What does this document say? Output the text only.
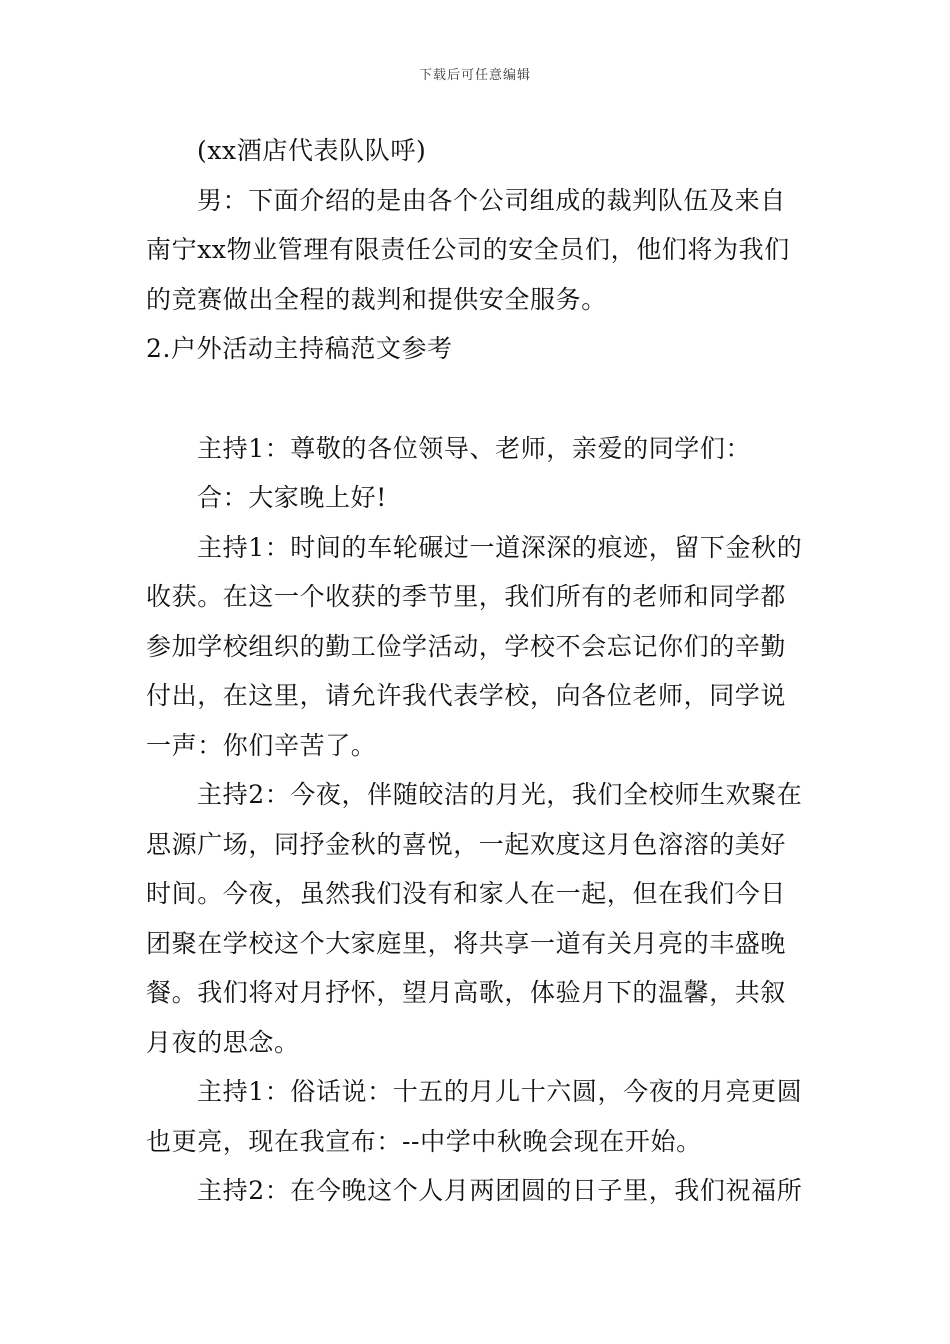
下载后可任意编辑

(xx酒店代表队队呼)

男：下面介绍的是由各个公司组成的裁判队伍及来自
南宁xx物业管理有限责任公司的安全员们，他们将为我们
的竞赛做出全程的裁判和提供安全服务。

2.户外活动主持稿范文参考

主持1：尊敬的各位领导、老师，亲爱的同学们：

合：大家晚上好!

主持1：时间的车轮碾过一道深深的痕迹，留下金秋的
收获。在这一个收获的季节里，我们所有的老师和同学都
参加学校组织的勤工俭学活动，学校不会忘记你们的辛勤
付出，在这里，请允许我代表学校，向各位老师，同学说
一声：你们辛苦了。

主持2：今夜，伴随皎洁的月光，我们全校师生欢聚在
思源广场，同抒金秋的喜悦，一起欢度这月色溶溶的美好
时间。今夜，虽然我们没有和家人在一起，但在我们今日
团聚在学校这个大家庭里，将共享一道有关月亮的丰盛晚
餐。我们将对月抒怀，望月高歌，体验月下的温馨，共叙
月夜的思念。

主持1：俗话说：十五的月儿十六圆，今夜的月亮更圆
也更亮，现在我宣布：--中学中秋晚会现在开始。

主持2：在今晚这个人月两团圆的日子里，我们祝福所
